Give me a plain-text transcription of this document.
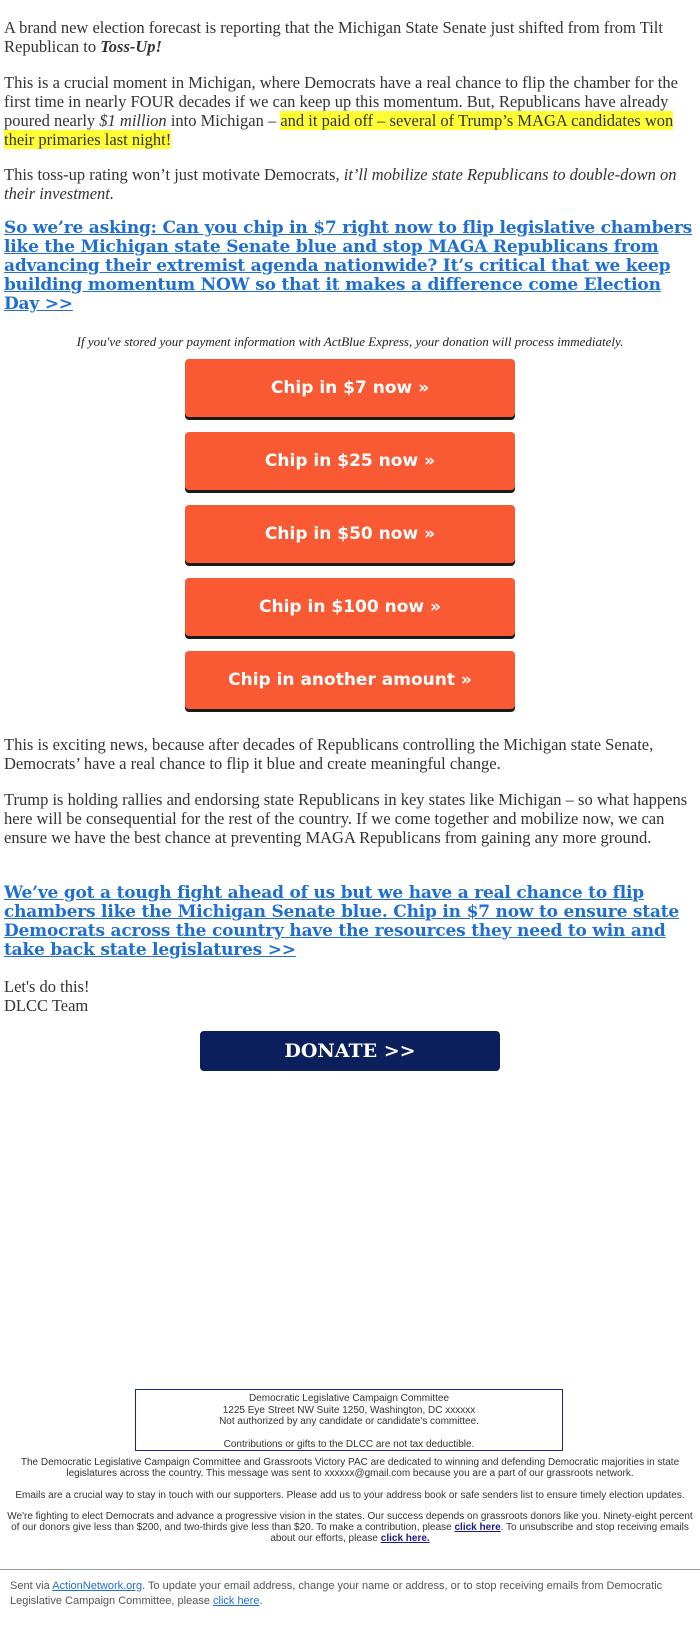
A brand new election forecast is reporting that the Michigan State Senate just shifted from from Tilt Republican to Toss-Up!

This is a crucial moment in Michigan, where Democrats have a real chance to flip the chamber for the first time in nearly FOUR decades if we can keep up this momentum. But, Republicans have already poured nearly $1 million into Michigan – and it paid off – several of Trump’s MAGA candidates won their primaries last night!

This toss-up rating won’t just motivate Democrats, it’ll mobilize state Republicans to double-down on their investment.

So we’re asking: Can you chip in $7 right now to flip legislative chambers like the Michigan state Senate blue and stop MAGA Republicans from advancing their extremist agenda nationwide? It’s critical that we keep building momentum NOW so that it makes a difference come Election Day >>

If you've stored your payment information with ActBlue Express, your donation will process immediately.

Chip in $7 now »
Chip in $25 now »
Chip in $50 now »
Chip in $100 now »
Chip in another amount »

This is exciting news, because after decades of Republicans controlling the Michigan state Senate, Democrats’ have a real chance to flip it blue and create meaningful change.

Trump is holding rallies and endorsing state Republicans in key states like Michigan – so what happens here will be consequential for the rest of the country. If we come together and mobilize now, we can ensure we have the best chance at preventing MAGA Republicans from gaining any more ground.

We’ve got a tough fight ahead of us but we have a real chance to flip chambers like the Michigan Senate blue. Chip in $7 now to ensure state Democrats across the country have the resources they need to win and take back state legislatures >>

Let's do this!

DLCC Team

DONATE >>

Democratic Legislative Campaign Committee

1225 Eye Street NW Suite 1250, Washington, DC xxxxxx

Not authorized by any candidate or candidate's committee.

Contributions or gifts to the DLCC are not tax deductible.

The Democratic Legislative Campaign Committee and Grassroots Victory PAC are dedicated to winning and defending Democratic majorities in state legislatures across the country. This message was sent to xxxxxx@gmail.com because you are a part of our grassroots network.

Emails are a crucial way to stay in touch with our supporters. Please add us to your address book or safe senders list to ensure timely election updates.

We're fighting to elect Democrats and advance a progressive vision in the states. Our success depends on grassroots donors like you. Ninety-eight percent of our donors give less than $200, and two-thirds give less than $20. To make a contribution, please click here. To unsubscribe and stop receiving emails about our efforts, please click here.

Sent via ActionNetwork.org. To update your email address, change your name or address, or to stop receiving emails from Democratic Legislative Campaign Committee, please click here.
